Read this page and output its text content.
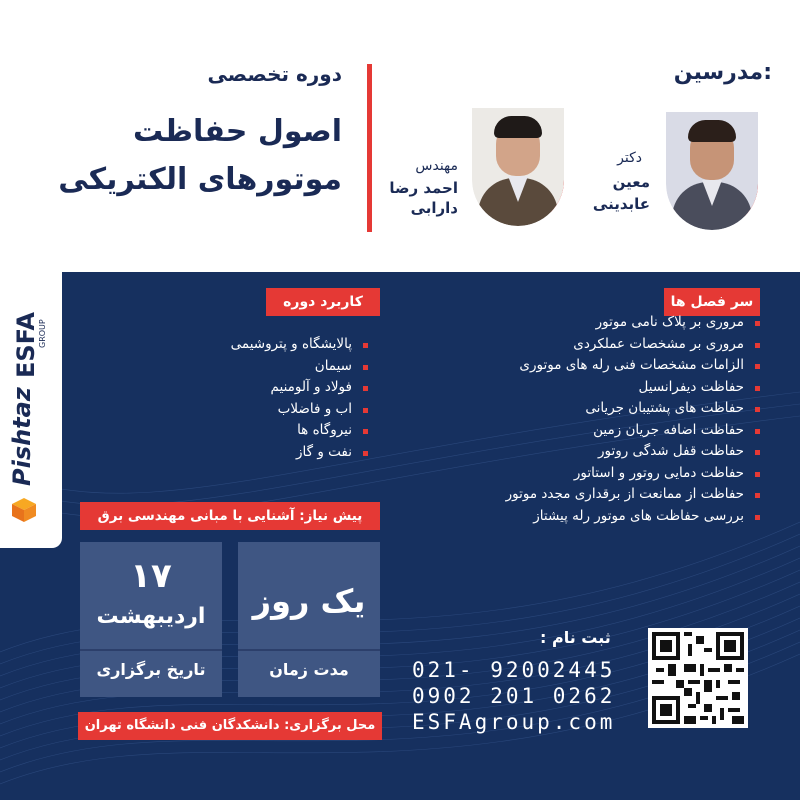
مدرسین:
دکتر
معین
عابدینی
مهندس
احمد رضا
دارابی
دوره تخصصی
اصول حفاظت
موتورهای الکتریکی
ESFA
GROUP
Pishtaz
سر فصل ها
مروری بر پلاک نامی موتور
مروری بر مشخصات عملکردی
الزامات مشخصات فنی رله های موتوری
حفاظت دیفرانسیل
حفاظت های پشتیبان جریانی
حفاظت اضافه جریان زمین
حفاظت قفل شدگی روتور
حفاظت دمایی روتور و استاتور
حفاظت از ممانعت از برقداری مجدد موتور
بررسی حفاظت های موتور رله پیشتاز
کاربرد دوره
پالایشگاه و پتروشیمی
سیمان
فولاد و آلومنیم
اب و فاضلاب
نیروگاه ها
نفت و گاز
پیش نیاز: آشنایی با مبانی مهندسی برق
۱۷
اردیبهشت
تاریخ برگزاری
یک روز
مدت زمان
محل برگزاری: دانشکدگان فنی دانشگاه تهران
ثبت نام :
021- 92002445
0902 201 0262
ESFAgroup.com
